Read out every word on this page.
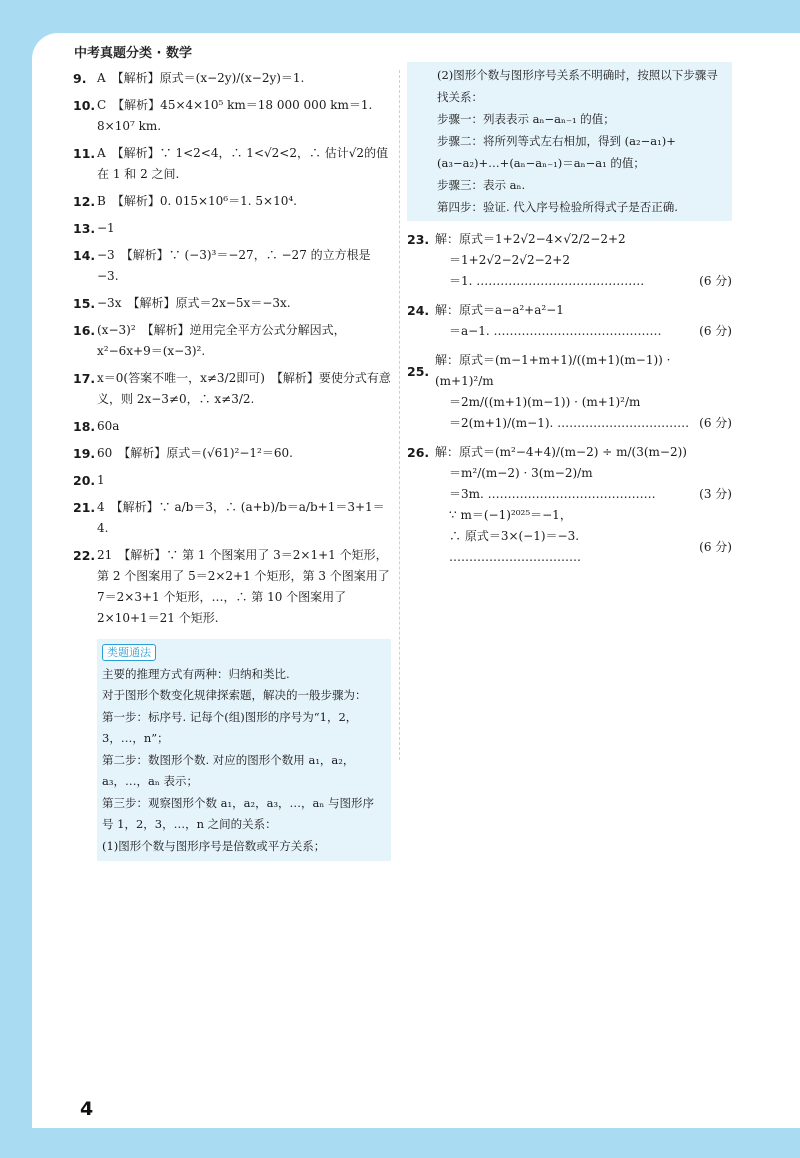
中考真题分类 · 数学
9. A　【解析】原式＝(x−2y)/(x−2y)＝1.
10. C　【解析】45×4×10⁵ km＝18 000 000 km＝1. 8×10⁷ km.
11. A　【解析】∵ 1<2<4，∴ 1<√2<2，∴ 估计√2的值在 1 和 2 之间.
12. B　【解析】0. 015×10⁶＝1. 5×10⁴.
13. −1
14. −3　【解析】∵ (−3)³＝−27，∴ −27 的立方根是−3.
15. −3x　【解析】原式＝2x−5x＝−3x.
16. (x−3)²　【解析】逆用完全平方公式分解因式，x²−6x+9＝(x−3)².
17. x＝0(答案不唯一，x≠3/2即可)　【解析】要使分式有意义，则 2x−3≠0，∴ x≠3/2.
18. 60a
19. 60　【解析】原式＝(√61)²−1²＝60.
20. 1
21. 4　【解析】∵ a/b＝3，∴ (a+b)/b＝a/b+1＝3+1＝4.
22. 21　【解析】∵ 第 1 个图案用了 3＝2×1+1 个矩形，第 2 个图案用了 5＝2×2+1 个矩形，第 3 个图案用了 7＝2×3+1 个矩形，…，∴ 第 10 个图案用了 2×10+1＝21 个矩形.
类题通法
主要的推理方式有两种：归纳和类比.
对于图形个数变化规律探索题，解决的一般步骤为：
第一步：标序号. 记每个(组)图形的序号为“1，2，3，…，n”；
第二步：数图形个数. 对应的图形个数用 a₁，a₂，a₃，…，aₙ 表示；
第三步：观察图形个数 a₁，a₂，a₃，…，aₙ 与图形序号 1，2，3，…，n 之间的关系：
(1)图形个数与图形序号是倍数或平方关系；
(2)图形个数与图形序号关系不明确时，按照以下步骤寻找关系：
步骤一：列表表示 aₙ−aₙ₋₁ 的值；
步骤二：将所列等式左右相加，得到 (a₂−a₁)+(a₃−a₂)+…+(aₙ−aₙ₋₁)＝aₙ−a₁ 的值；
步骤三：表示 aₙ.
第四步：验证. 代入序号检验所得式子是否正确.
23. 解：原式＝1+2√2−4×√2/2−2+2
＝1+2√2−2√2−2+2
＝1. ……………………………………	(6 分)
24. 解：原式＝a−a²+a²−1
＝a−1. ……………………………………	(6 分)
25.
解：原式＝(m−1+m+1)/((m+1)(m−1)) · (m+1)²/m
＝2m/((m+1)(m−1)) · (m+1)²/m
＝2(m+1)/(m−1). …………………………… (6 分)
26. 解：原式＝(m²−4+4)/(m−2) ÷ m/(3(m−2))
＝m²/(m−2) · 3(m−2)/m
＝3m. ……………………………………	(3 分)
∵ m＝(−1)²⁰²⁵＝−1，
∴ 原式＝3×(−1)＝−3. ……………………………
(6 分)
4
